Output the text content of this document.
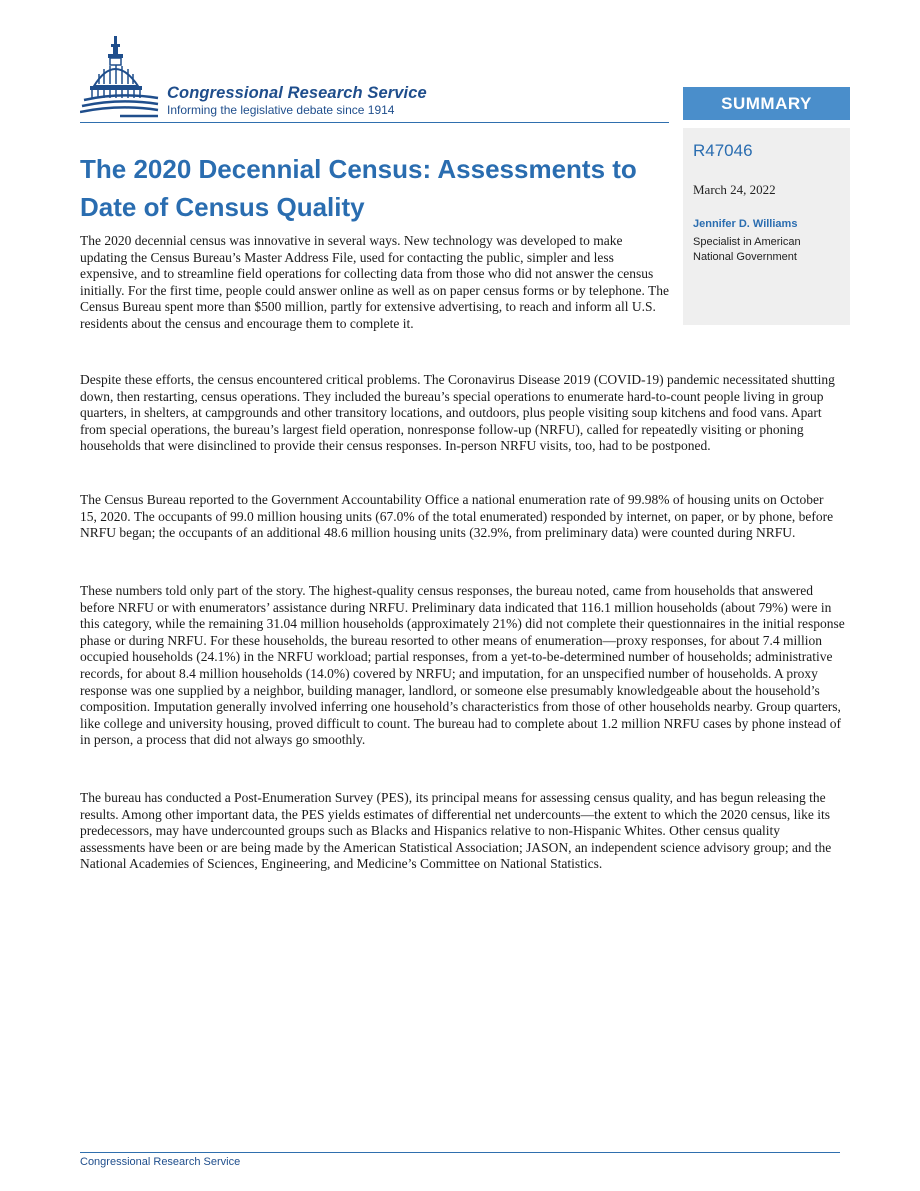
Congressional Research Service
Informing the legislative debate since 1914	SUMMARY
R47046
March 24, 2022
Jennifer D. Williams
Specialist in American National Government
The 2020 Decennial Census: Assessments to Date of Census Quality

The 2020 decennial census was innovative in several ways. New technology was developed to make updating the Census Bureau’s Master Address File, used for contacting the public, simpler and less expensive, and to streamline field operations for collecting data from those who did not answer the census initially. For the first time, people could answer online as well as on paper census forms or by telephone. The Census Bureau spent more than $500 million, partly for extensive advertising, to reach and inform all U.S. residents about the census and encourage them to complete it.

Despite these efforts, the census encountered critical problems. The Coronavirus Disease 2019 (COVID-19) pandemic necessitated shutting down, then restarting, census operations. They included the bureau’s special operations to enumerate hard-to-count people living in group quarters, in shelters, at campgrounds and other transitory locations, and outdoors, plus people visiting soup kitchens and food vans. Apart from special operations, the bureau’s largest field operation, nonresponse follow-up (NRFU), called for repeatedly visiting or phoning households that were disinclined to provide their census responses. In-person NRFU visits, too, had to be postponed.

The Census Bureau reported to the Government Accountability Office a national enumeration rate of 99.98% of housing units on October 15, 2020. The occupants of 99.0 million housing units (67.0% of the total enumerated) responded by internet, on paper, or by phone, before NRFU began; the occupants of an additional 48.6 million housing units (32.9%, from preliminary data) were counted during NRFU.

These numbers told only part of the story. The highest-quality census responses, the bureau noted, came from households that answered before NRFU or with enumerators’ assistance during NRFU. Preliminary data indicated that 116.1 million households (about 79%) were in this category, while the remaining 31.04 million households (approximately 21%) did not complete their questionnaires in the initial response phase or during NRFU. For these households, the bureau resorted to other means of enumeration—proxy responses, for about 7.4 million occupied households (24.1%) in the NRFU workload; partial responses, from a yet-to-be-determined number of households; administrative records, for about 8.4 million households (14.0%) covered by NRFU; and imputation, for an unspecified number of households. A proxy response was one supplied by a neighbor, building manager, landlord, or someone else presumably knowledgeable about the household’s composition. Imputation generally involved inferring one household’s characteristics from those of other households nearby. Group quarters, like college and university housing, proved difficult to count. The bureau had to complete about 1.2 million NRFU cases by phone instead of in person, a process that did not always go smoothly.

The bureau has conducted a Post-Enumeration Survey (PES), its principal means for assessing census quality, and has begun releasing the results. Among other important data, the PES yields estimates of differential net undercounts—the extent to which the 2020 census, like its predecessors, may have undercounted groups such as Blacks and Hispanics relative to non-Hispanic Whites. Other census quality assessments have been or are being made by the American Statistical Association; JASON, an independent science advisory group; and the National Academies of Sciences, Engineering, and Medicine’s Committee on National Statistics.

Congressional Research Service
